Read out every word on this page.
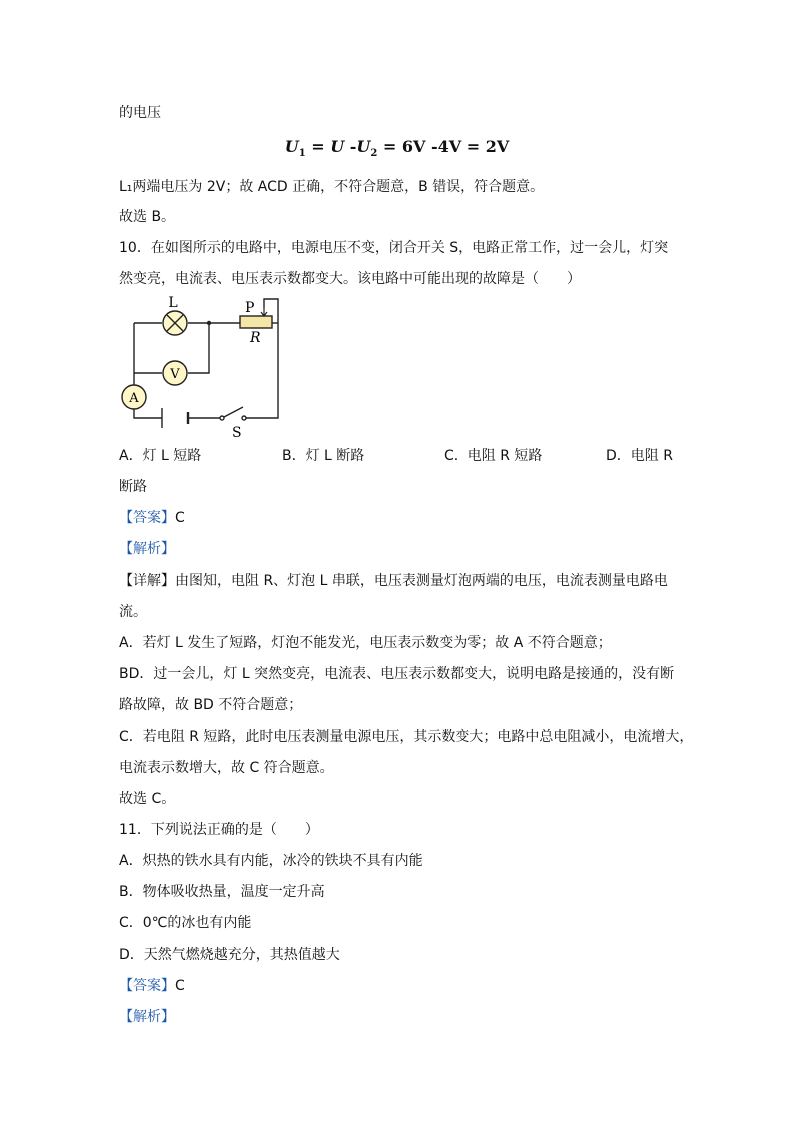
的电压
$U_1 = U$ $-U_2 = 6V$ -4V = 2V
L₁两端电压为 2V；故 ACD 正确，不符合题意，B 错误，符合题意。
故选 B。
10．在如图所示的电路中，电源电压不变，闭合开关 S，电路正常工作，过一会儿，灯突
然变亮，电流表、电压表示数都变大。该电路中可能出现的故障是（　　）
L
V
A
P
R
S
A．灯 L 短路	B．灯 L 断路	C．电阻 R 短路	D．电阻 R
断路
【答案】C
【解析】
【详解】由图知，电阻 R、灯泡 L 串联，电压表测量灯泡两端的电压，电流表测量电路电
流。
A．若灯 L 发生了短路，灯泡不能发光，电压表示数变为零；故 A 不符合题意；
BD．过一会儿，灯 L 突然变亮，电流表、电压表示数都变大，说明电路是接通的，没有断
路故障，故 BD 不符合题意；
C．若电阻 R 短路，此时电压表测量电源电压，其示数变大；电路中总电阻减小，电流增大，
电流表示数增大，故 C 符合题意。
故选 C。
11．下列说法正确的是（　　）
A．炽热的铁水具有内能，冰冷的铁块不具有内能
B．物体吸收热量，温度一定升高
C．0℃的冰也有内能
D．天然气燃烧越充分，其热值越大
【答案】C
【解析】
